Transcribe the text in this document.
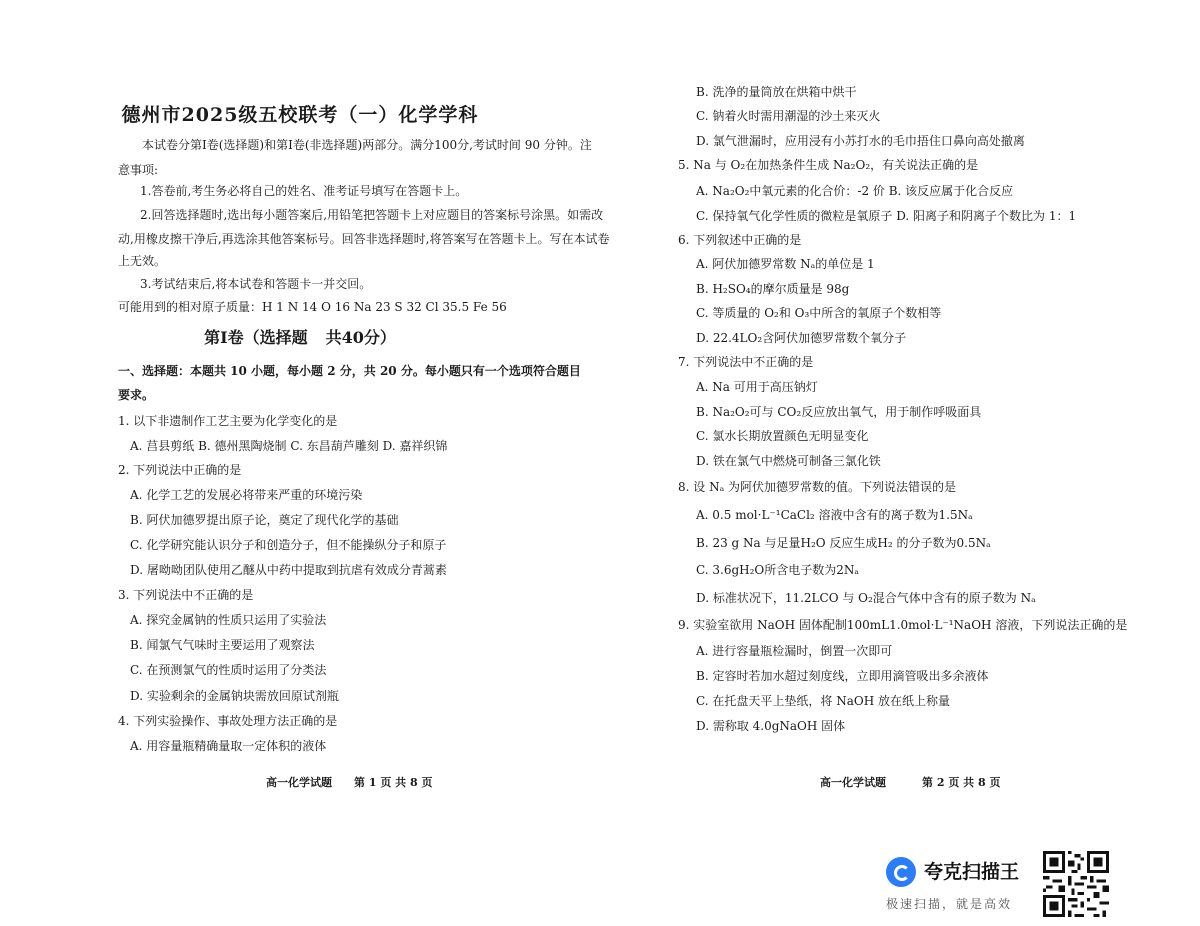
德州市2025级五校联考（一）化学学科
本试卷分第Ⅰ卷(选择题)和第Ⅰ卷(非选择题)两部分。满分100分,考试时间 90 分钟。注
意事项:
1.答卷前,考生务必将自己的姓名、准考证号填写在答题卡上。
2.回答选择题时,选出每小题答案后,用铅笔把答题卡上对应题目的答案标号涂黑。如需改
动,用橡皮擦干净后,再选涂其他答案标号。回答非选择题时,将答案写在答题卡上。写在本试卷
上无效。
3.考试结束后,将本试卷和答题卡一并交回。
可能用到的相对原子质量：H 1 N 14 O 16 Na 23 S 32 Cl 35.5 Fe 56
第Ⅰ卷（选择题 共40分）
一、选择题：本题共 10 小题，每小题 2 分，共 20 分。每小题只有一个选项符合题目
要求。
1. 以下非遗制作工艺主要为化学变化的是
A. 莒县剪纸 B. 德州黑陶烧制 C. 东昌葫芦雕刻 D. 嘉祥织锦
2. 下列说法中正确的是
A. 化学工艺的发展必将带来严重的环境污染
B. 阿伏加德罗提出原子论，奠定了现代化学的基础
C. 化学研究能认识分子和创造分子，但不能操纵分子和原子
D. 屠呦呦团队使用乙醚从中药中提取到抗虐有效成分青蒿素
3. 下列说法中不正确的是
A. 探究金属钠的性质只运用了实验法
B. 闻氯气气味时主要运用了观察法
C. 在预测氯气的性质时运用了分类法
D. 实验剩余的金属钠块需放回原试剂瓶
4. 下列实验操作、事故处理方法正确的是
A. 用容量瓶精确量取一定体积的液体
高一化学试题 第 1 页 共 8 页
B. 洗净的量筒放在烘箱中烘干
C. 钠着火时需用潮湿的沙土来灭火
D. 氯气泄漏时，应用浸有小苏打水的毛巾捂住口鼻向高处撤离
5. Na 与 O₂在加热条件生成 Na₂O₂，有关说法正确的是
A. Na₂O₂中氧元素的化合价：-2 价 B. 该反应属于化合反应
C. 保持氧气化学性质的微粒是氧原子 D. 阳离子和阴离子个数比为 1：1
6. 下列叙述中正确的是
A. 阿伏加德罗常数 Nₐ的单位是 1
B. H₂SO₄的摩尔质量是 98g
C. 等质量的 O₂和 O₃中所含的氧原子个数相等
D. 22.4LO₂含阿伏加德罗常数个氧分子
7. 下列说法中不正确的是
A. Na 可用于高压钠灯
B. Na₂O₂可与 CO₂反应放出氧气，用于制作呼吸面具
C. 氯水长期放置颜色无明显变化
D. 铁在氯气中燃烧可制备三氯化铁
8. 设 Nₐ 为阿伏加德罗常数的值。下列说法错误的是
A. 0.5 mol·L⁻¹CaCl₂ 溶液中含有的离子数为1.5Nₐ
B. 23 g Na 与足量H₂O 反应生成H₂ 的分子数为0.5Nₐ
C. 3.6gH₂O所含电子数为2Nₐ
D. 标准状况下，11.2LCO 与 O₂混合气体中含有的原子数为 Nₐ
9. 实验室欲用 NaOH 固体配制100mL1.0mol·L⁻¹NaOH 溶液，下列说法正确的是
A. 进行容量瓶检漏时，倒置一次即可
B. 定容时若加水超过刻度线，立即用滴管吸出多余液体
C. 在托盘天平上垫纸，将 NaOH 放在纸上称量
D. 需称取 4.0gNaOH 固体
高一化学试题	第 2 页 共 8 页
夸克扫描王
极速扫描，就是高效
